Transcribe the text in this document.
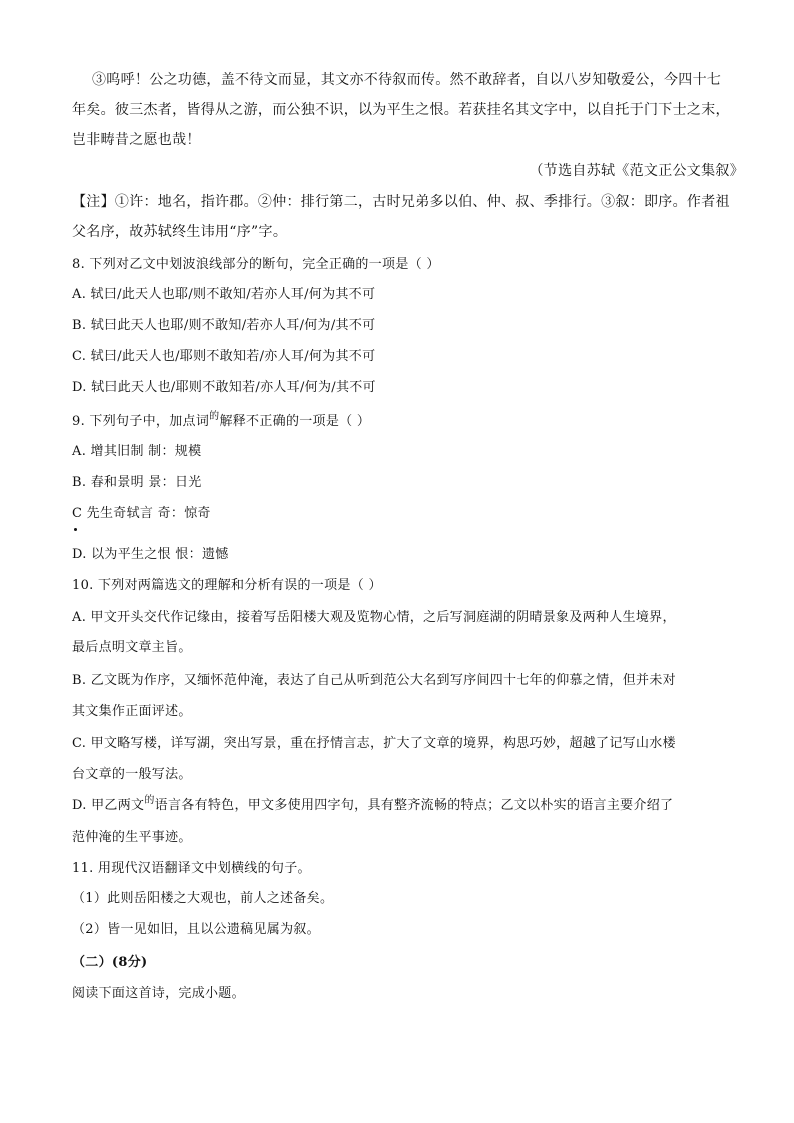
③呜呼！公之功德，盖不待文而显，其文亦不待叙而传。然不敢辞者，自以八岁知敬爱公，今四十七
年矣。彼三杰者，皆得从之游，而公独不识，以为平生之恨。若获挂名其文字中，以自托于门下士之末，
岂非畴昔之愿也哉！
（节选自苏轼《范文正公文集叙》
【注】①许：地名，指许郡。②仲：排行第二，古时兄弟多以伯、仲、叔、季排行。③叙：即序。作者祖
父名序，故苏轼终生讳用“序”字。
8. 下列对乙文中划波浪线部分的断句，完全正确的一项是（ ）
A. 轼曰/此天人也耶/则不敢知/若亦人耳/何为其不可
B. 轼曰此天人也耶/则不敢知/若亦人耳/何为/其不可
C. 轼曰/此天人也/耶则不敢知若/亦人耳/何为其不可
D. 轼曰此天人也/耶则不敢知若/亦人耳/何为/其不可
9. 下列句子中，加点词$^的$解释不正确的一项是（ ）
A. 增其旧制 制：规模
B. 春和景明 景：日光
C 先生奇轼言 奇：惊奇
D. 以为平生之恨 恨：遗憾
10. 下列对两篇选文的理解和分析有误的一项是（ ）
A. 甲文开头交代作记缘由，接着写岳阳楼大观及览物心情，之后写洞庭湖的阴晴景象及两种人生境界，
最后点明文章主旨。
B. 乙文既为作序，又缅怀范仲淹，表达了自己从听到范公大名到写序间四十七年的仰慕之情，但并未对
其文集作正面评述。
C. 甲文略写楼，详写湖，突出写景，重在抒情言志，扩大了文章的境界，构思巧妙，超越了记写山水楼
台文章的一般写法。
D. 甲乙两文$^的$语言各有特色，甲文多使用四字句，具有整齐流畅的特点；乙文以朴实的语言主要介绍了
范仲淹的生平事迹。
11. 用现代汉语翻译文中划横线的句子。
（1）此则岳阳楼之大观也，前人之述备矣。
（2）皆一见如旧，且以公遗稿见属为叙。
（二）(8分)
阅读下面这首诗，完成小题。
